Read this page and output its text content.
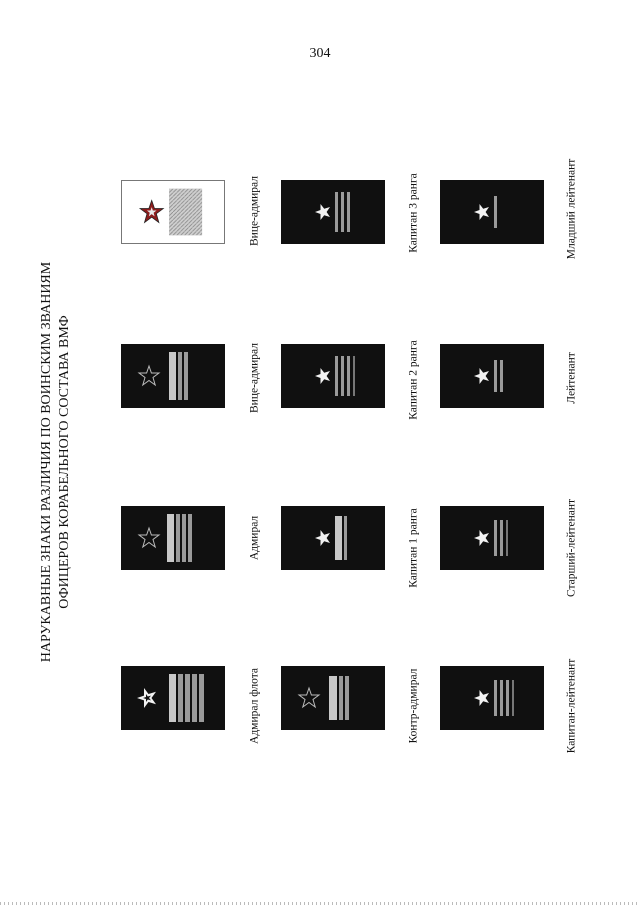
304
НАРУКАВНЫЕ ЗНАКИ РАЗЛИЧИЯ ПО ВОИНСКИМ ЗВАНИЯМ ОФИЦЕРОВ КОРАБЕЛЬНОГО СОСТАВА ВМФ
Адмирал флота	Контр-адмирал	Капитан-лейтенант
Адмирал	Капитан 1 ранга	Старший-лейтенант
Вице-адмирал	Капитан 2 ранга	Лейтенант
Вице-адмирал	Капитан 3 ранга	Младший лейтенант
